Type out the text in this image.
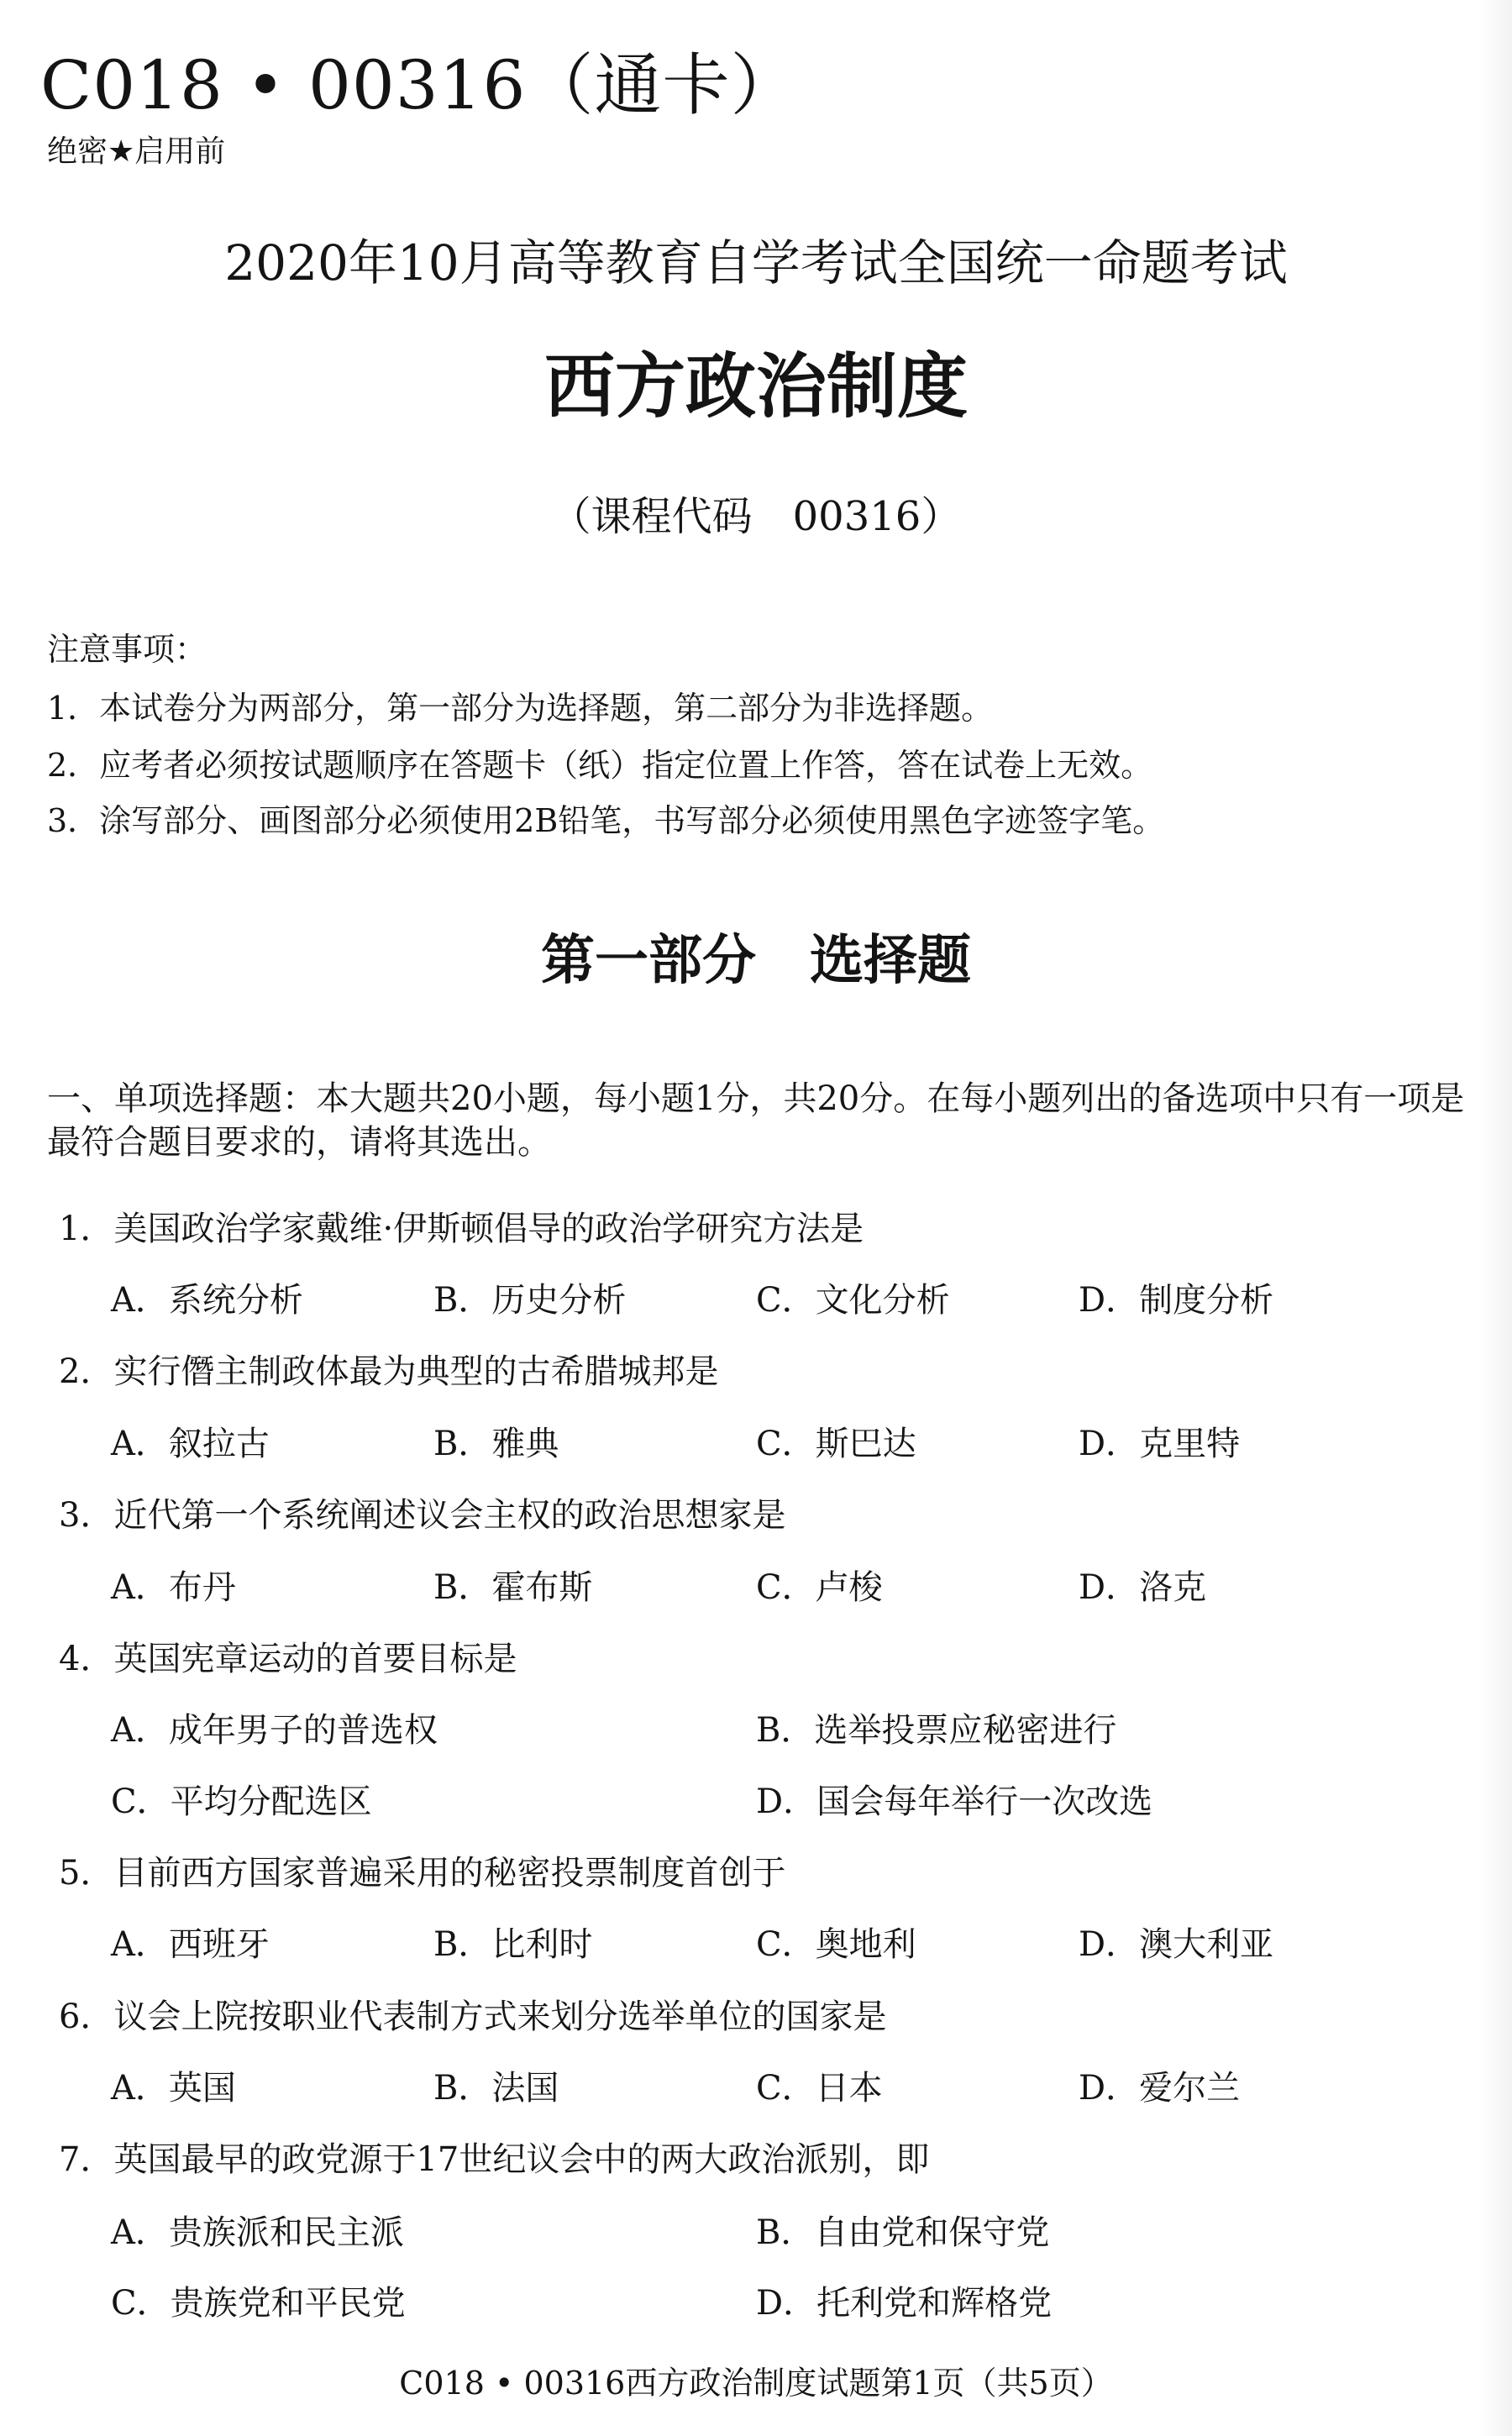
C018 • 00316（通卡）
绝密★启用前
2020年10月高等教育自学考试全国统一命题考试
西方政治制度
（课程代码　00316）
注意事项：
1．本试卷分为两部分，第一部分为选择题，第二部分为非选择题。
2．应考者必须按试题顺序在答题卡（纸）指定位置上作答，答在试卷上无效。
3．涂写部分、画图部分必须使用2B铅笔，书写部分必须使用黑色字迹签字笔。
第一部分　选择题
一、单项选择题：本大题共20小题，每小题1分，共20分。在每小题列出的备选项中只有一项是最符合题目要求的，请将其选出。
1．美国政治学家戴维·伊斯顿倡导的政治学研究方法是
A．系统分析	B．历史分析	C．文化分析	D．制度分析
2．实行僭主制政体最为典型的古希腊城邦是
A．叙拉古	B．雅典	C．斯巴达	D．克里特
3．近代第一个系统阐述议会主权的政治思想家是
A．布丹	B．霍布斯	C．卢梭	D．洛克
4．英国宪章运动的首要目标是
A．成年男子的普选权	B．选举投票应秘密进行
C．平均分配选区	D．国会每年举行一次改选
5．目前西方国家普遍采用的秘密投票制度首创于
A．西班牙	B．比利时	C．奥地利	D．澳大利亚
6．议会上院按职业代表制方式来划分选举单位的国家是
A．英国	B．法国	C．日本	D．爱尔兰
7．英国最早的政党源于17世纪议会中的两大政治派别，即
A．贵族派和民主派	B．自由党和保守党
C．贵族党和平民党	D．托利党和辉格党
C018 • 00316西方政治制度试题第1页（共5页）
